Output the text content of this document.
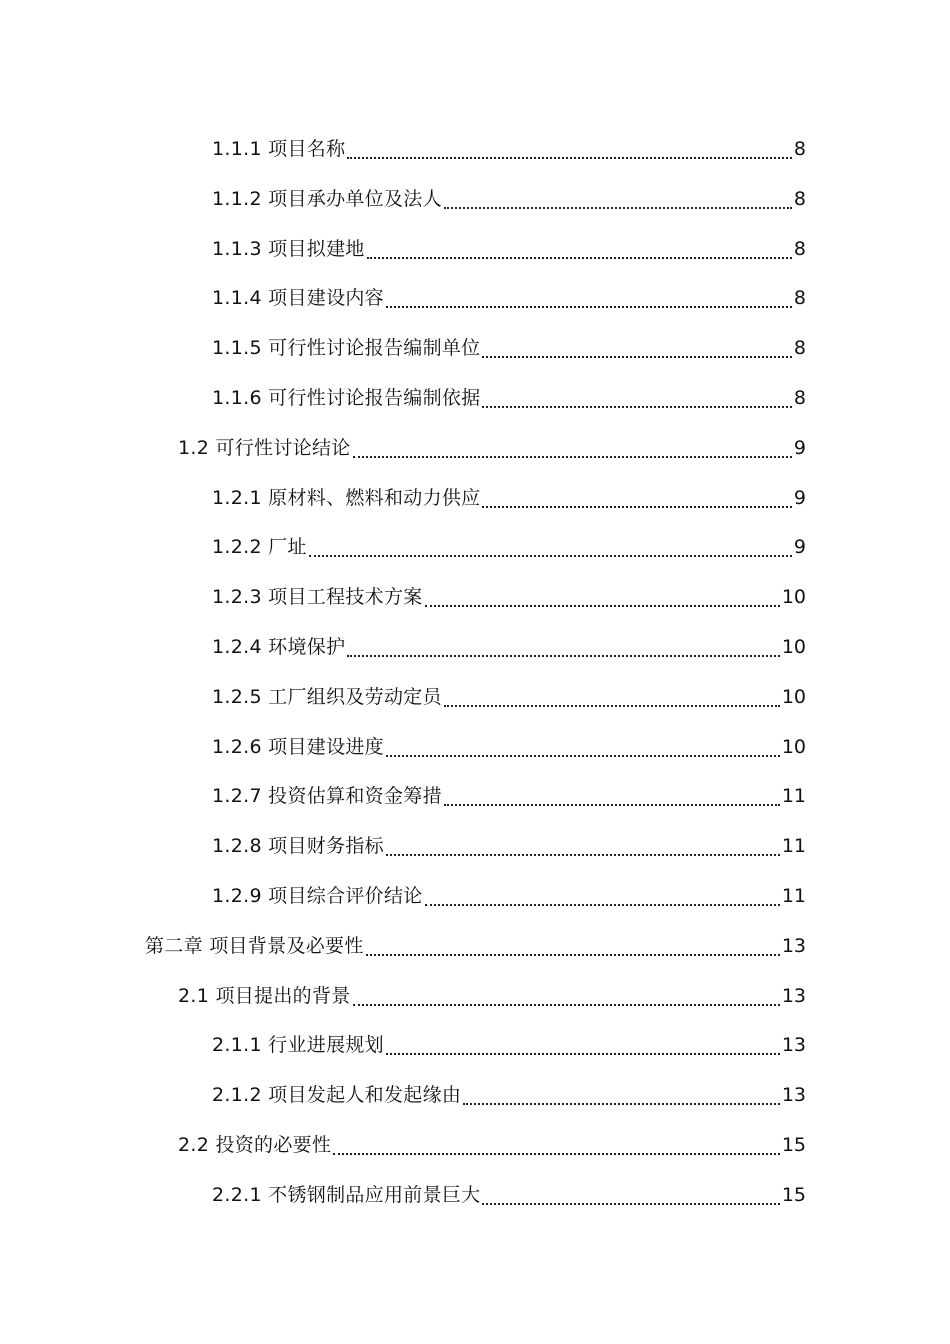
1.1.1 项目名称	8
1.1.2 项目承办单位及法人	8
1.1.3 项目拟建地	8
1.1.4 项目建设内容	8
1.1.5 可行性讨论报告编制单位	8
1.1.6 可行性讨论报告编制依据	8
1.2 可行性讨论结论	9
1.2.1 原材料、燃料和动力供应	9
1.2.2 厂址	9
1.2.3 项目工程技术方案	10
1.2.4 环境保护	10
1.2.5 工厂组织及劳动定员	10
1.2.6 项目建设进度	10
1.2.7 投资估算和资金筹措	11
1.2.8 项目财务指标	11
1.2.9 项目综合评价结论	11
第二章 项目背景及必要性	13
2.1 项目提出的背景	13
2.1.1 行业进展规划	13
2.1.2 项目发起人和发起缘由	13
2.2 投资的必要性	15
2.2.1 不锈钢制品应用前景巨大	15
